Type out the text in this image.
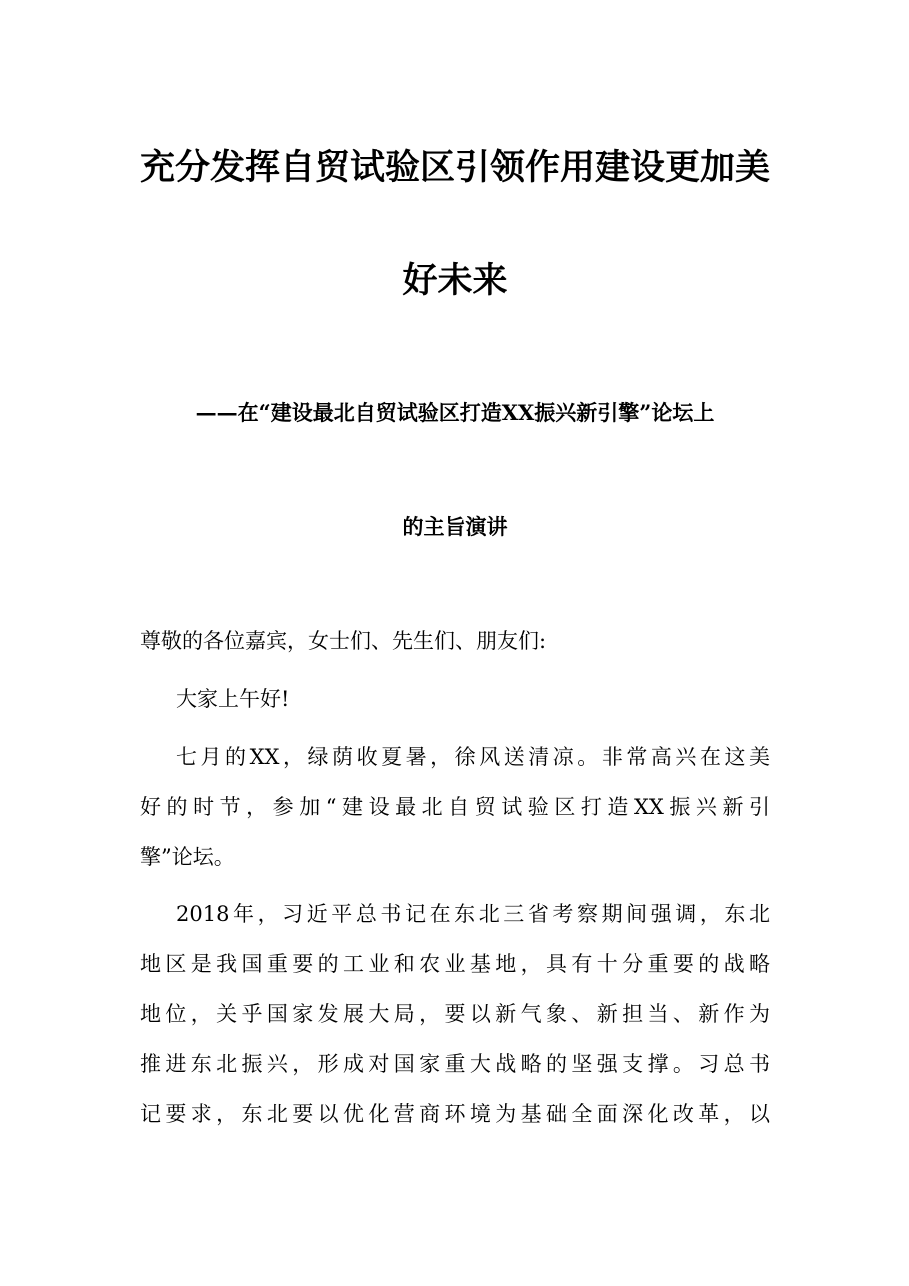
充分发挥自贸试验区引领作用建设更加美
好未来
——在“建设最北自贸试验区打造XX振兴新引擎”论坛上
的主旨演讲
尊敬的各位嘉宾，女士们、先生们、朋友们:
大家上午好!
七月的XX，绿荫收夏暑，徐风送清凉。非常高兴在这美
好的时节，参加“建设最北自贸试验区打造XX振兴新引
擎”论坛。
2018年，习近平总书记在东北三省考察期间强调，东北
地区是我国重要的工业和农业基地，具有十分重要的战略
地位，关乎国家发展大局，要以新气象、新担当、新作为
推进东北振兴，形成对国家重大战略的坚强支撑。习总书
记要求，东北要以优化营商环境为基础全面深化改革，以
